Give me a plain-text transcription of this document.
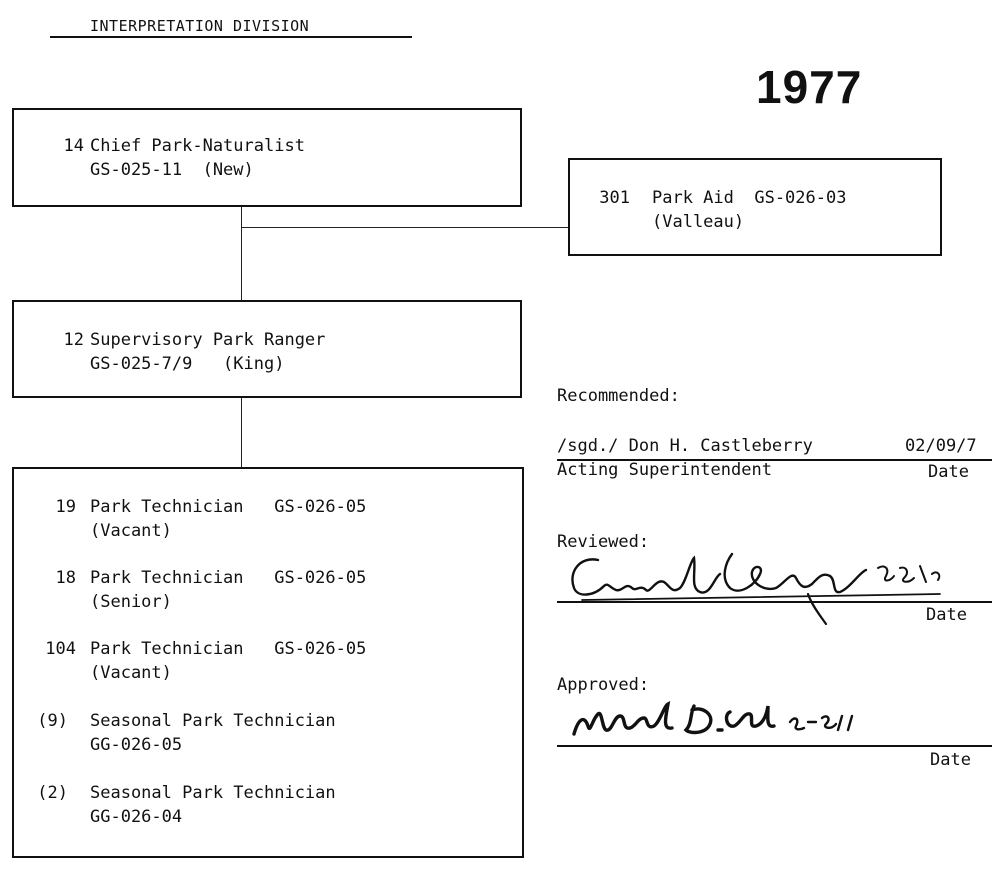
INTERPRETATION DIVISION
1977
14 Chief Park-Naturalist
GS-025-11  (New)
301 Park Aid  GS-026-03
(Valleau)
12 Supervisory Park Ranger
GS-025-7/9   (King)
19 Park Technician   GS-026-05
(Vacant)
18 Park Technician   GS-026-05
(Senior)
104 Park Technician   GS-026-05
(Vacant)
(9) Seasonal Park Technician
GG-026-05
(2) Seasonal Park Technician
GG-026-04
Recommended:
/sgd./ Don H. Castleberry	02/09/7
Acting Superintendent	Date
Reviewed:
Date
Approved:
Date
